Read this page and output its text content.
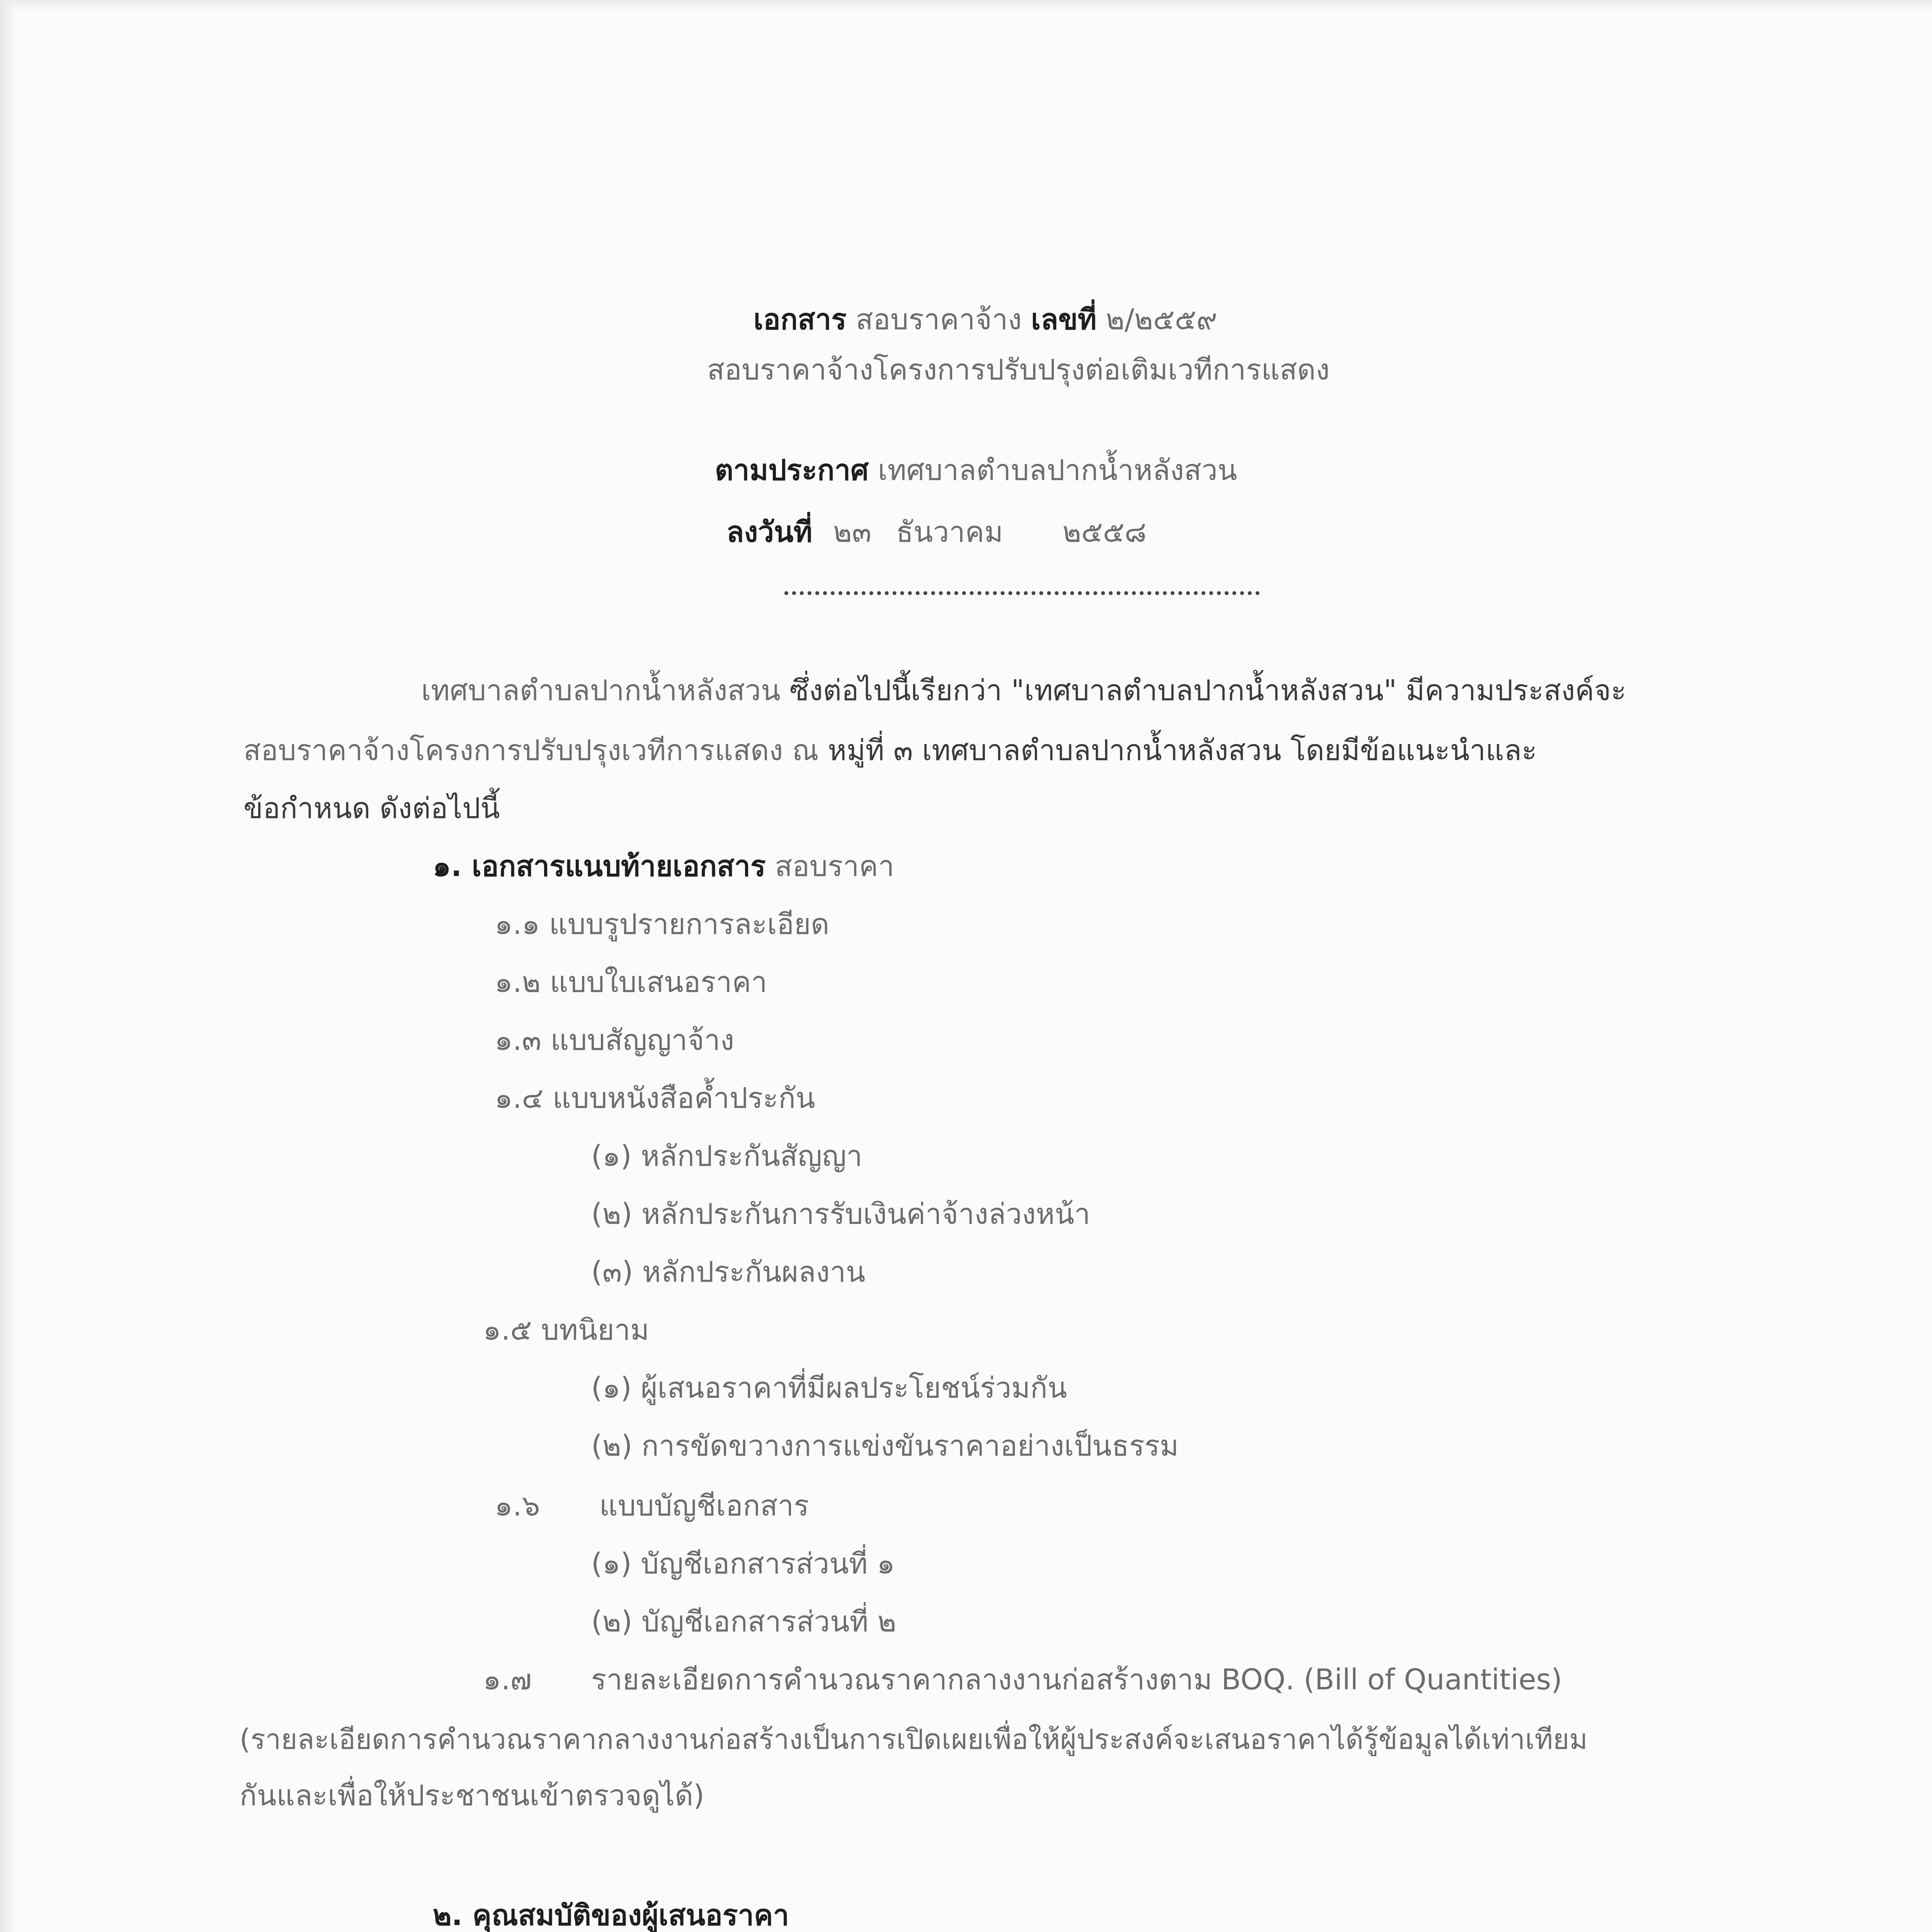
เอกสาร สอบราคาจ้าง เลขที่ ๒/๒๕๕๙
สอบราคาจ้างโครงการปรับปรุงต่อเติมเวทีการแสดง
ตามประกาศ เทศบาลตำบลปากน้ำหลังสวน
ลงวันที่ ๒๓ ธันวาคม ๒๕๕๘
เทศบาลตำบลปากน้ำหลังสวน ซึ่งต่อไปนี้เรียกว่า "เทศบาลตำบลปากน้ำหลังสวน" มีความประสงค์จะ
สอบราคาจ้างโครงการปรับปรุงเวทีการแสดง ณ หมู่ที่ ๓ เทศบาลตำบลปากน้ำหลังสวน โดยมีข้อแนะนำและ
ข้อกำหนด ดังต่อไปนี้
๑. เอกสารแนบท้ายเอกสาร สอบราคา
๑.๑ แบบรูปรายการละเอียด
๑.๒ แบบใบเสนอราคา
๑.๓ แบบสัญญาจ้าง
๑.๔ แบบหนังสือค้ำประกัน
(๑) หลักประกันสัญญา
(๒) หลักประกันการรับเงินค่าจ้างล่วงหน้า
(๓) หลักประกันผลงาน
๑.๕ บทนิยาม
(๑) ผู้เสนอราคาที่มีผลประโยชน์ร่วมกัน
(๒) การขัดขวางการแข่งขันราคาอย่างเป็นธรรม
๑.๖ แบบบัญชีเอกสาร
(๑) บัญชีเอกสารส่วนที่ ๑
(๒) บัญชีเอกสารส่วนที่ ๒
๑.๗ รายละเอียดการคำนวณราคากลางงานก่อสร้างตาม BOQ. (Bill of Quantities)
(รายละเอียดการคำนวณราคากลางงานก่อสร้างเป็นการเปิดเผยเพื่อให้ผู้ประสงค์จะเสนอราคาได้รู้ข้อมูลได้เท่าเทียม
กันและเพื่อให้ประชาชนเข้าตรวจดูได้)
๒. คุณสมบัติของผู้เสนอราคา
